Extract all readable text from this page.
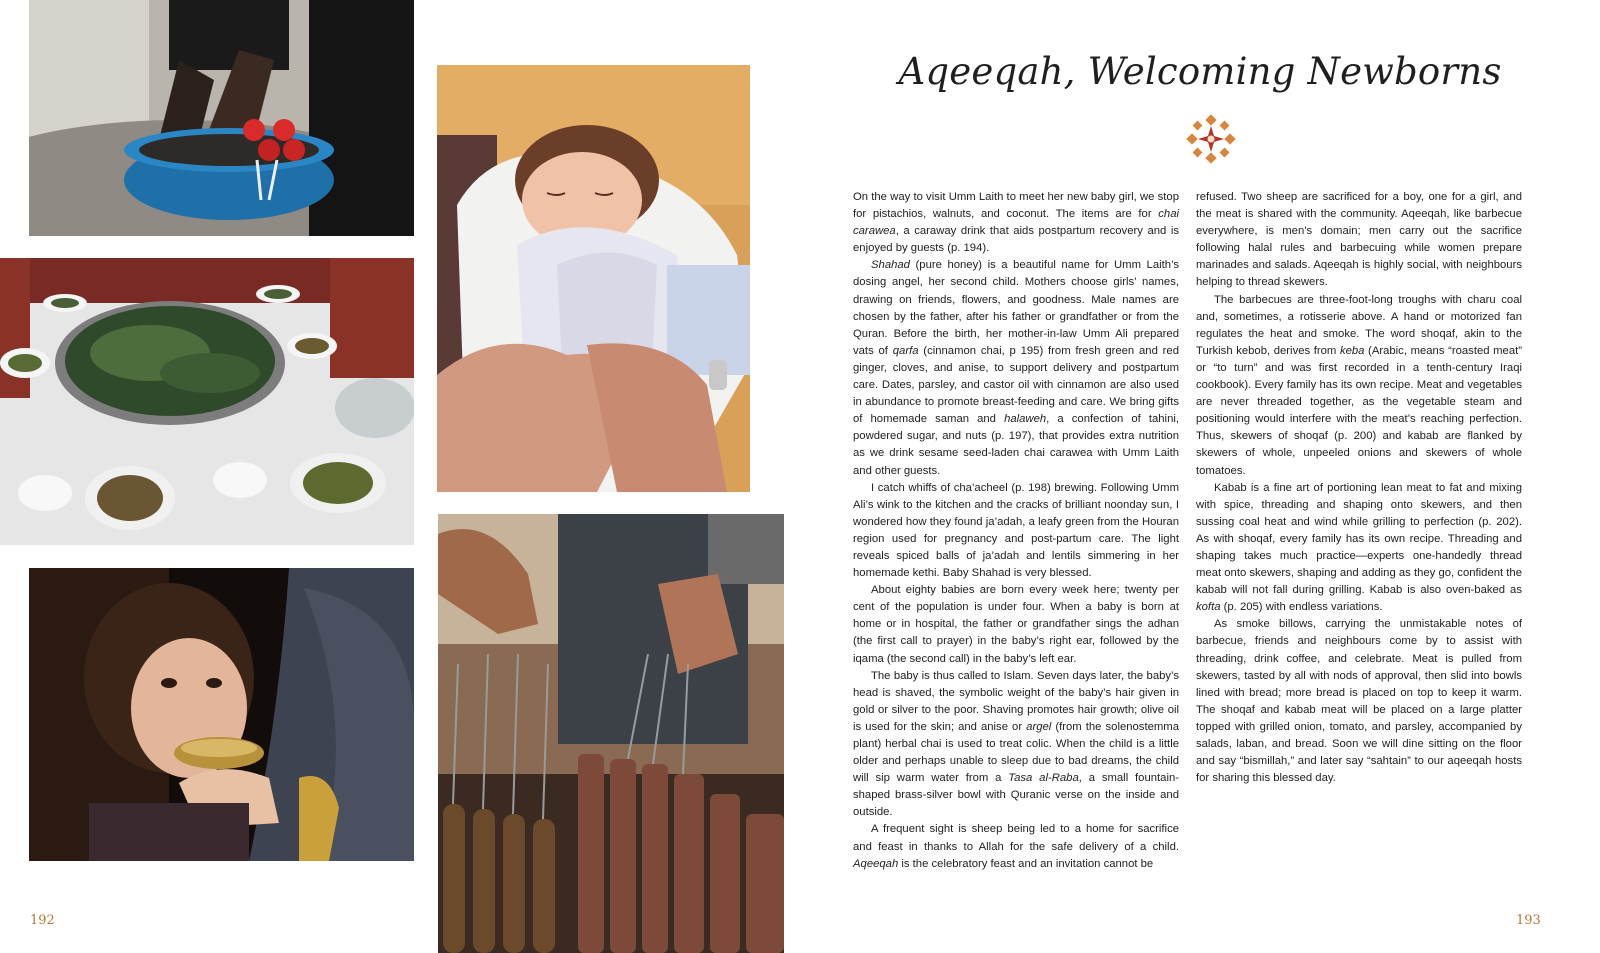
Aqeeqah, Welcoming Newborns

On the way to visit Umm Laith to meet her new baby girl, we stop for pistachios, walnuts, and coconut. The items are for chai carawea, a caraway drink that aids postpartum recovery and is enjoyed by guests (p. 194).

Shahad (pure honey) is a beautiful name for Umm Laith’s dosing angel, her second child. Mothers choose girls’ names, drawing on friends, flowers, and goodness. Male names are chosen by the father, after his father or grandfather or from the Quran. Before the birth, her mother-in-law Umm Ali prepared vats of qarfa (cinnamon chai, p 195) from fresh green and red ginger, cloves, and anise, to support delivery and postpartum care. Dates, parsley, and castor oil with cinnamon are also used in abundance to promote breast-feeding and care. We bring gifts of homemade saman and halaweh, a confection of tahini, powdered sugar, and nuts (p. 197), that provides extra nutrition as we drink sesame seed-laden chai carawea with Umm Laith and other guests.

I catch whiffs of cha’acheel (p. 198) brewing. Following Umm Ali’s wink to the kitchen and the cracks of brilliant noonday sun, I wondered how they found ja’adah, a leafy green from the Houran region used for pregnancy and post-partum care. The light reveals spiced balls of ja’adah and lentils simmering in her homemade kethi. Baby Shahad is very blessed.

About eighty babies are born every week here; twenty per cent of the population is under four. When a baby is born at home or in hospital, the father or grandfather sings the adhan (the first call to prayer) in the baby’s right ear, followed by the iqama (the second call) in the baby’s left ear.

The baby is thus called to Islam. Seven days later, the baby’s head is shaved, the symbolic weight of the baby’s hair given in gold or silver to the poor. Shaving promotes hair growth; olive oil is used for the skin; and anise or argel (from the solenostemma plant) herbal chai is used to treat colic. When the child is a little older and perhaps unable to sleep due to bad dreams, the child will sip warm water from a Tasa al-Raba, a small fountain-shaped brass-silver bowl with Quranic verse on the inside and outside.

A frequent sight is sheep being led to a home for sacrifice and feast in thanks to Allah for the safe delivery of a child. Aqeeqah is the celebratory feast and an invitation cannot be

refused. Two sheep are sacrificed for a boy, one for a girl, and the meat is shared with the community. Aqeeqah, like barbecue everywhere, is men’s domain; men carry out the sacrifice following halal rules and barbecuing while women prepare marinades and salads. Aqeeqah is highly social, with neighbours helping to thread skewers.

The barbecues are three-foot-long troughs with charu coal and, sometimes, a rotisserie above. A hand or motorized fan regulates the heat and smoke. The word shoqaf, akin to the Turkish kebob, derives from keba (Arabic, means “roasted meat” or “to turn” and was first recorded in a tenth-century Iraqi cookbook). Every family has its own recipe. Meat and vegetables are never threaded together, as the vegetable steam and positioning would interfere with the meat’s reaching perfection. Thus, skewers of shoqaf (p. 200) and kabab are flanked by skewers of whole, unpeeled onions and skewers of whole tomatoes.

Kabab is a fine art of portioning lean meat to fat and mixing with spice, threading and shaping onto skewers, and then sussing coal heat and wind while grilling to perfection (p. 202). As with shoqaf, every family has its own recipe. Threading and shaping takes much practice—experts one-handedly thread meat onto skewers, shaping and adding as they go, confident the kabab will not fall during grilling. Kabab is also oven-baked as kofta (p. 205) with endless variations.

As smoke billows, carrying the unmistakable notes of barbecue, friends and neighbours come by to assist with threading, drink coffee, and celebrate. Meat is pulled from skewers, tasted by all with nods of approval, then slid into bowls lined with bread; more bread is placed on top to keep it warm. The shoqaf and kabab meat will be placed on a large platter topped with grilled onion, tomato, and parsley, accompanied by salads, laban, and bread. Soon we will dine sitting on the floor and say “bismillah,” and later say “sahtain” to our aqeeqah hosts for sharing this blessed day.

192	193
